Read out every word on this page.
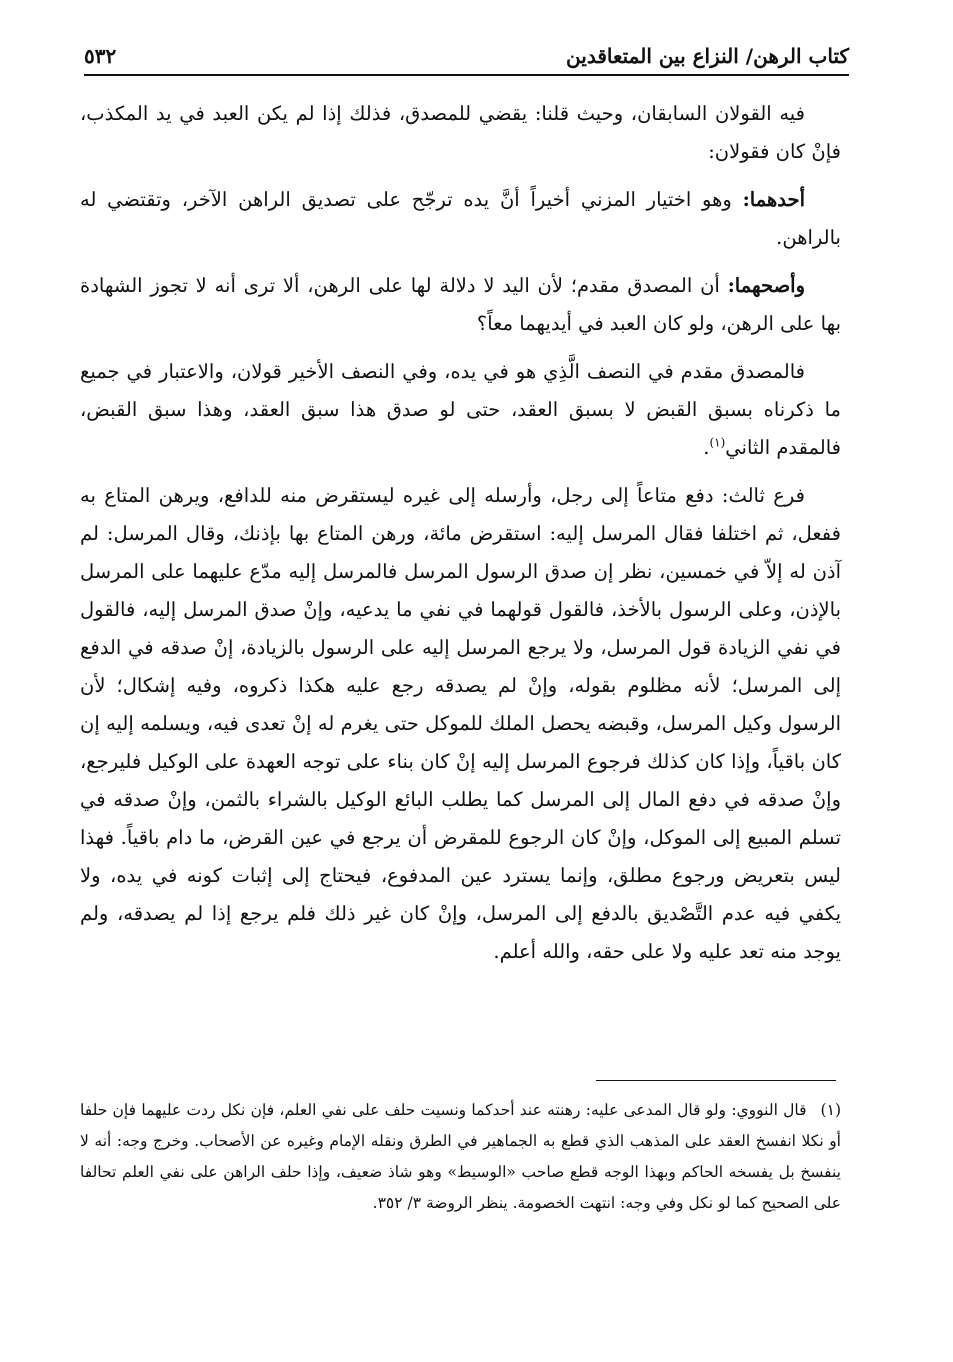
كتاب الرهن/ النزاع بين المتعاقدين
٥٣٢

فيه القولان السابقان، وحيث قلنا: يقضي للمصدق، فذلك إذا لم يكن العبد في يد المكذب، فإنْ كان فقولان:

أحدهما: وهو اختيار المزني أخيراً أنَّ يده ترجّح على تصديق الراهن الآخر، وتقتضي له بالراهن.

وأصحهما: أن المصدق مقدم؛ لأن اليد لا دلالة لها على الرهن، ألا ترى أنه لا تجوز الشهادة بها على الرهن، ولو كان العبد في أيديهما معاً؟

فالمصدق مقدم في النصف الَّذِي هو في يده، وفي النصف الأخير قولان، والاعتبار في جميع ما ذكرناه بسبق القبض لا بسبق العقد، حتى لو صدق هذا سبق العقد، وهذا سبق القبض، فالمقدم الثاني$^{(١)}$.

فرع ثالث: دفع متاعاً إلى رجل، وأرسله إلى غيره ليستقرض منه للدافع، ويرهن المتاع به ففعل، ثم اختلفا فقال المرسل إليه: استقرض مائة، ورهن المتاع بها بإذنك، وقال المرسل: لم آذن له إلاّ في خمسين، نظر إن صدق الرسول المرسل فالمرسل إليه مدّع عليهما على المرسل بالإذن، وعلى الرسول بالأخذ، فالقول قولهما في نفي ما يدعيه، وإنْ صدق المرسل إليه، فالقول في نفي الزيادة قول المرسل، ولا يرجع المرسل إليه على الرسول بالزيادة، إنْ صدقه في الدفع إلى المرسل؛ لأنه مظلوم بقوله، وإنْ لم يصدقه رجع عليه هكذا ذكروه، وفيه إشكال؛ لأن الرسول وكيل المرسل، وقبضه يحصل الملك للموكل حتى يغرم له إنْ تعدى فيه، ويسلمه إليه إن كان باقياً، وإذا كان كذلك فرجوع المرسل إليه إنْ كان بناء على توجه العهدة على الوكيل فليرجع، وإنْ صدقه في دفع المال إلى المرسل كما يطلب البائع الوكيل بالشراء بالثمن، وإنْ صدقه في تسلم المبيع إلى الموكل، وإنْ كان الرجوع للمقرض أن يرجع في عين القرض، ما دام باقياً. فهذا ليس بتعريض ورجوع مطلق، وإنما يسترد عين المدفوع، فيحتاج إلى إثبات كونه في يده، ولا يكفي فيه عدم التَّصْديق بالدفع إلى المرسل، وإنْ كان غير ذلك فلم يرجع إذا لم يصدقه، ولم يوجد منه تعد عليه ولا على حقه، والله أعلم.

(١)قال النووي: ولو قال المدعى عليه: رهنته عند أحدكما ونسيت حلف على نفي العلم، فإن نكل ردت عليهما فإن حلفا أو نكلا انفسخ العقد على المذهب الذي قطع به الجماهير في الطرق ونقله الإمام وغيره عن الأصحاب. وخرج وجه: أنه لا ينفسخ بل يفسخه الحاكم وبهذا الوجه قطع صاحب «الوسيط» وهو شاذ ضعيف، وإذا حلف الراهن على نفي العلم تحالفا على الصحيح كما لو نكل وفي وجه: انتهت الخصومة. ينظر الروضة ٣/ ٣٥٢.
